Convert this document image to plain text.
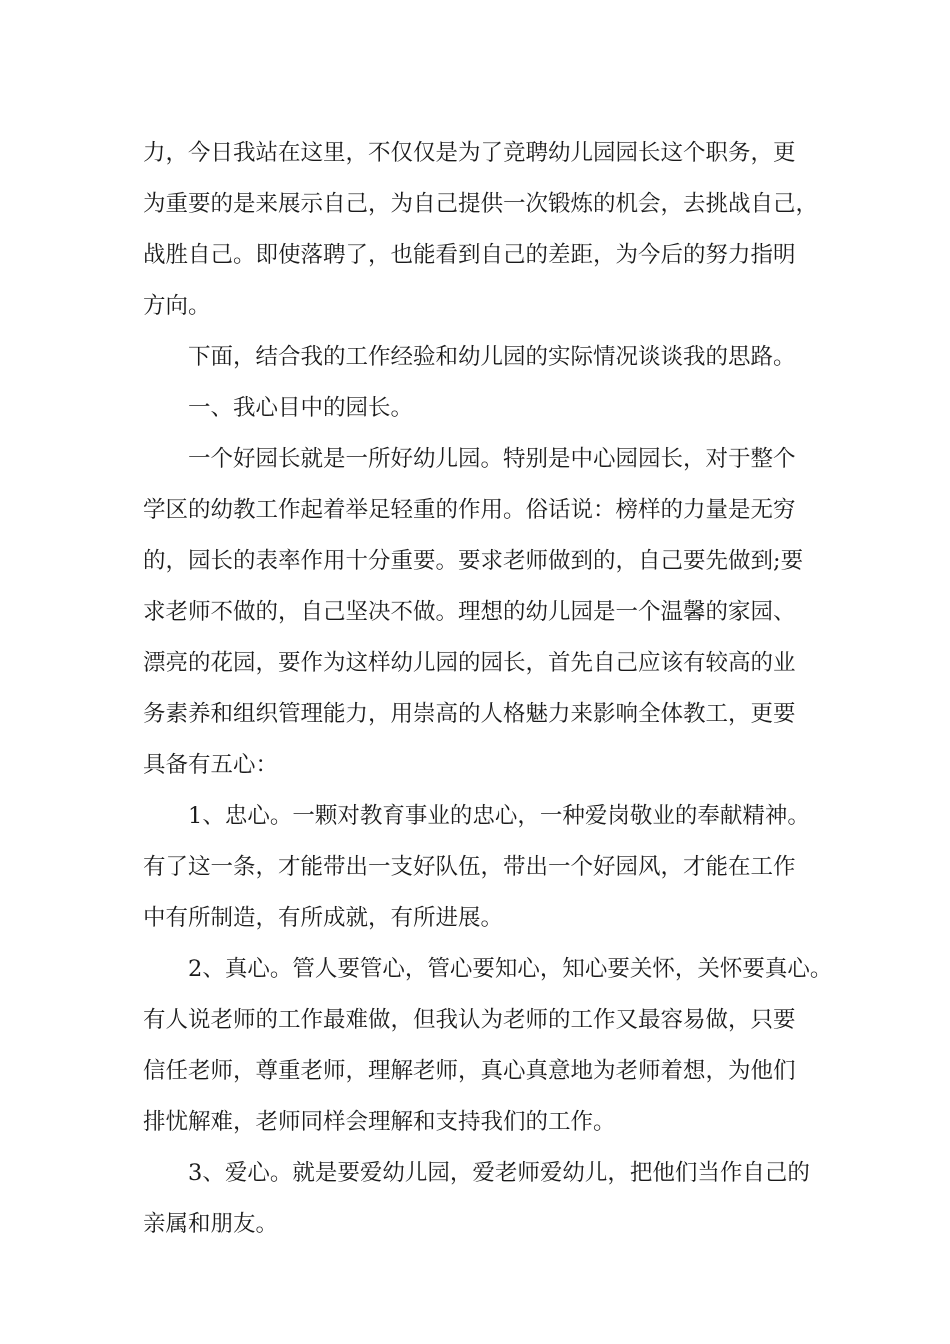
力，今日我站在这里，不仅仅是为了竞聘幼儿园园长这个职务，更
为重要的是来展示自己，为自己提供一次锻炼的机会，去挑战自己，
战胜自己。即使落聘了，也能看到自己的差距，为今后的努力指明
方向。
下面，结合我的工作经验和幼儿园的实际情况谈谈我的思路。
一、我心目中的园长。
一个好园长就是一所好幼儿园。特别是中心园园长，对于整个
学区的幼教工作起着举足轻重的作用。俗话说：榜样的力量是无穷
的，园长的表率作用十分重要。要求老师做到的，自己要先做到;要
求老师不做的，自己坚决不做。理想的幼儿园是一个温馨的家园、
漂亮的花园，要作为这样幼儿园的园长，首先自己应该有较高的业
务素养和组织管理能力，用崇高的人格魅力来影响全体教工，更要
具备有五心：
1、忠心。一颗对教育事业的忠心，一种爱岗敬业的奉献精神。
有了这一条，才能带出一支好队伍，带出一个好园风，才能在工作
中有所制造，有所成就，有所进展。
2、真心。管人要管心，管心要知心，知心要关怀，关怀要真心。
有人说老师的工作最难做，但我认为老师的工作又最容易做，只要
信任老师，尊重老师，理解老师，真心真意地为老师着想，为他们
排忧解难，老师同样会理解和支持我们的工作。
3、爱心。就是要爱幼儿园，爱老师爱幼儿，把他们当作自己的
亲属和朋友。
